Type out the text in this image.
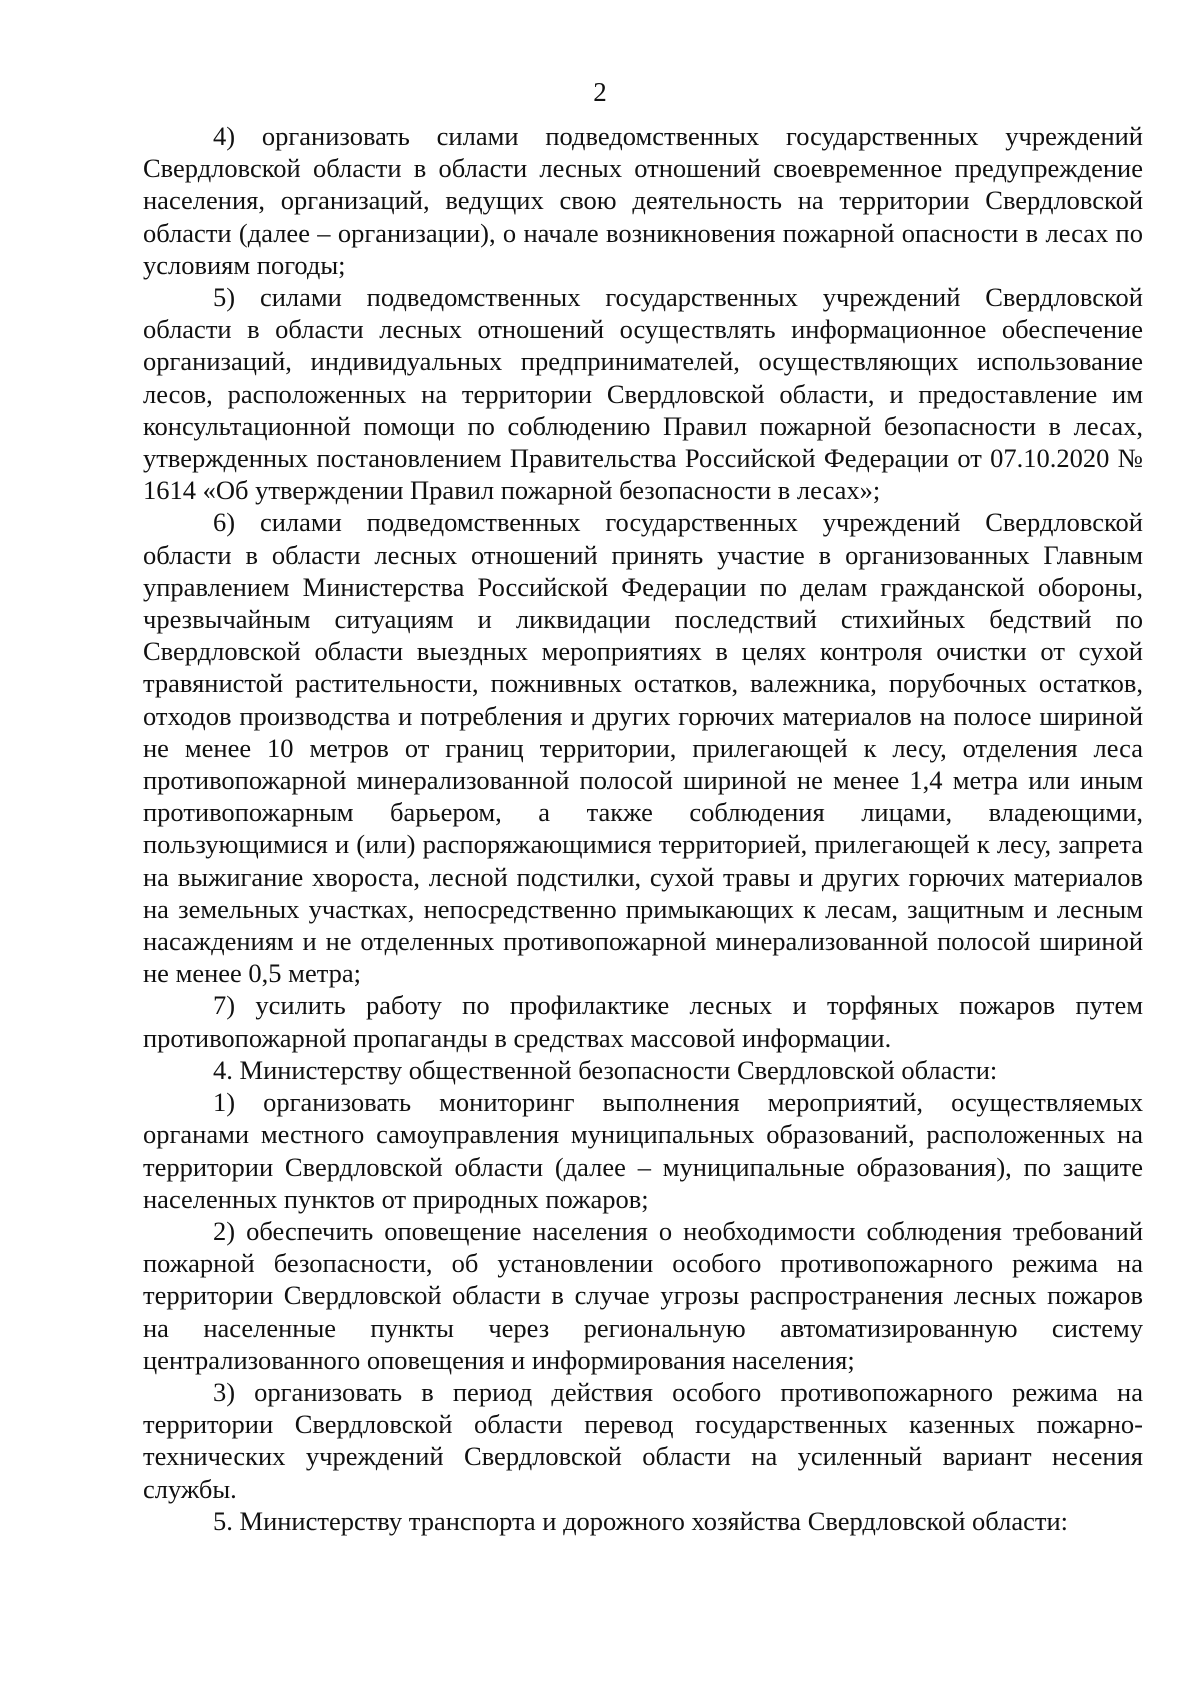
2

4) организовать силами подведомственных государственных учреждений Свердловской области в области лесных отношений своевременное предупреждение населения, организаций, ведущих свою деятельность на территории Свердловской области (далее – организации), о начале возникновения пожарной опасности в лесах по условиям погоды;

5) силами подведомственных государственных учреждений Свердловской области в области лесных отношений осуществлять информационное обеспечение организаций, индивидуальных предпринимателей, осуществляющих использование лесов, расположенных на территории Свердловской области, и предоставление им консультационной помощи по соблюдению Правил пожарной безопасности в лесах, утвержденных постановлением Правительства Российской Федерации от 07.10.2020 № 1614 «Об утверждении Правил пожарной безопасности в лесах»;

6) силами подведомственных государственных учреждений Свердловской области в области лесных отношений принять участие в организованных Главным управлением Министерства Российской Федерации по делам гражданской обороны, чрезвычайным ситуациям и ликвидации последствий стихийных бедствий по Свердловской области выездных мероприятиях в целях контроля очистки от сухой травянистой растительности, пожнивных остатков, валежника, порубочных остатков, отходов производства и потребления и других горючих материалов на полосе шириной не менее 10 метров от границ территории, прилегающей к лесу, отделения леса противопожарной минерализованной полосой шириной не менее 1,4 метра или иным противопожарным барьером, а также соблюдения лицами, владеющими, пользующимися и (или) распоряжающимися территорией, прилегающей к лесу, запрета на выжигание хвороста, лесной подстилки, сухой травы и других горючих материалов на земельных участках, непосредственно примыкающих к лесам, защитным и лесным насаждениям и не отделенных противопожарной минерализованной полосой шириной не менее 0,5 метра;

7) усилить работу по профилактике лесных и торфяных пожаров путем противопожарной пропаганды в средствах массовой информации.

4. Министерству общественной безопасности Свердловской области:

1) организовать мониторинг выполнения мероприятий, осуществляемых органами местного самоуправления муниципальных образований, расположенных на территории Свердловской области (далее – муниципальные образования), по защите населенных пунктов от природных пожаров;

2) обеспечить оповещение населения о необходимости соблюдения требований пожарной безопасности, об установлении особого противопожарного режима на территории Свердловской области в случае угрозы распространения лесных пожаров на населенные пункты через региональную автоматизированную систему централизованного оповещения и информирования населения;

3) организовать в период действия особого противопожарного режима на территории Свердловской области перевод государственных казенных пожарно-технических учреждений Свердловской области на усиленный вариант несения службы.

5. Министерству транспорта и дорожного хозяйства Свердловской области:
